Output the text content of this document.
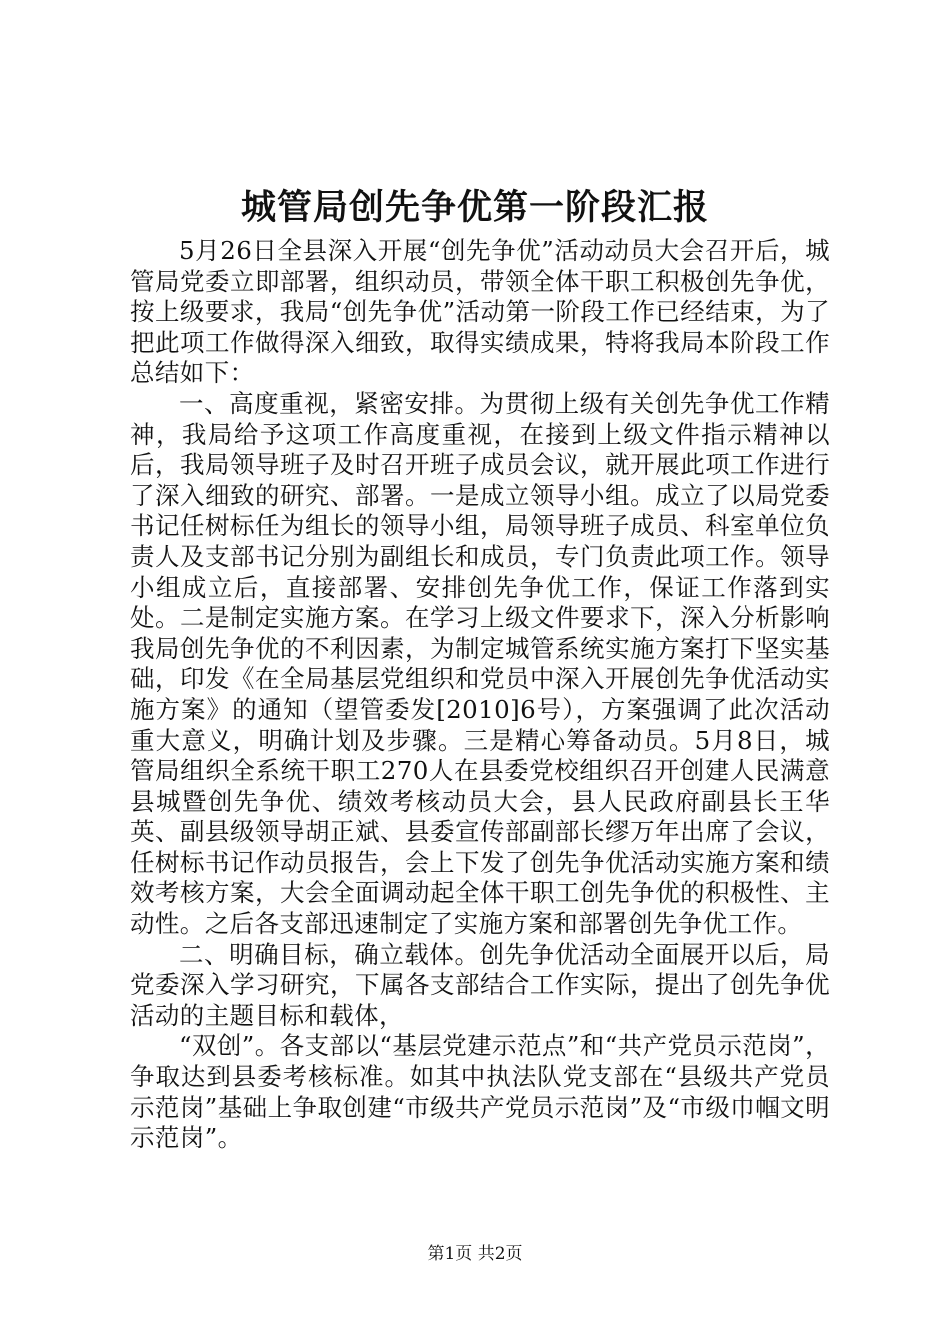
城管局创先争优第一阶段汇报

5月26日全县深入开展“创先争优”活动动员大会召开后，城管局党委立即部署，组织动员，带领全体干职工积极创先争优，按上级要求，我局“创先争优”活动第一阶段工作已经结束，为了把此项工作做得深入细致，取得实绩成果，特将我局本阶段工作总结如下：

一、高度重视，紧密安排。为贯彻上级有关创先争优工作精神，我局给予这项工作高度重视，在接到上级文件指示精神以后，我局领导班子及时召开班子成员会议，就开展此项工作进行了深入细致的研究、部署。一是成立领导小组。成立了以局党委书记任树标任为组长的领导小组，局领导班子成员、科室单位负责人及支部书记分别为副组长和成员，专门负责此项工作。领导小组成立后，直接部署、安排创先争优工作，保证工作落到实处。二是制定实施方案。在学习上级文件要求下，深入分析影响我局创先争优的不利因素，为制定城管系统实施方案打下坚实基础，印发《在全局基层党组织和党员中深入开展创先争优活动实施方案》的通知（望管委发[2010]6号），方案强调了此次活动重大意义，明确计划及步骤。三是精心筹备动员。5月8日，城管局组织全系统干职工270人在县委党校组织召开创建人民满意县城暨创先争优、绩效考核动员大会，县人民政府副县长王华英、副县级领导胡正斌、县委宣传部副部长缪万年出席了会议，任树标书记作动员报告，会上下发了创先争优活动实施方案和绩效考核方案，大会全面调动起全体干职工创先争优的积极性、主动性。之后各支部迅速制定了实施方案和部署创先争优工作。

二、明确目标，确立载体。创先争优活动全面展开以后，局党委深入学习研究，下属各支部结合工作实际，提出了创先争优活动的主题目标和载体，

“双创”。各支部以“基层党建示范点”和“共产党员示范岗”，争取达到县委考核标准。如其中执法队党支部在“县级共产党员示范岗”基础上争取创建“市级共产党员示范岗”及“市级巾帼文明示范岗”。

第1页 共2页
